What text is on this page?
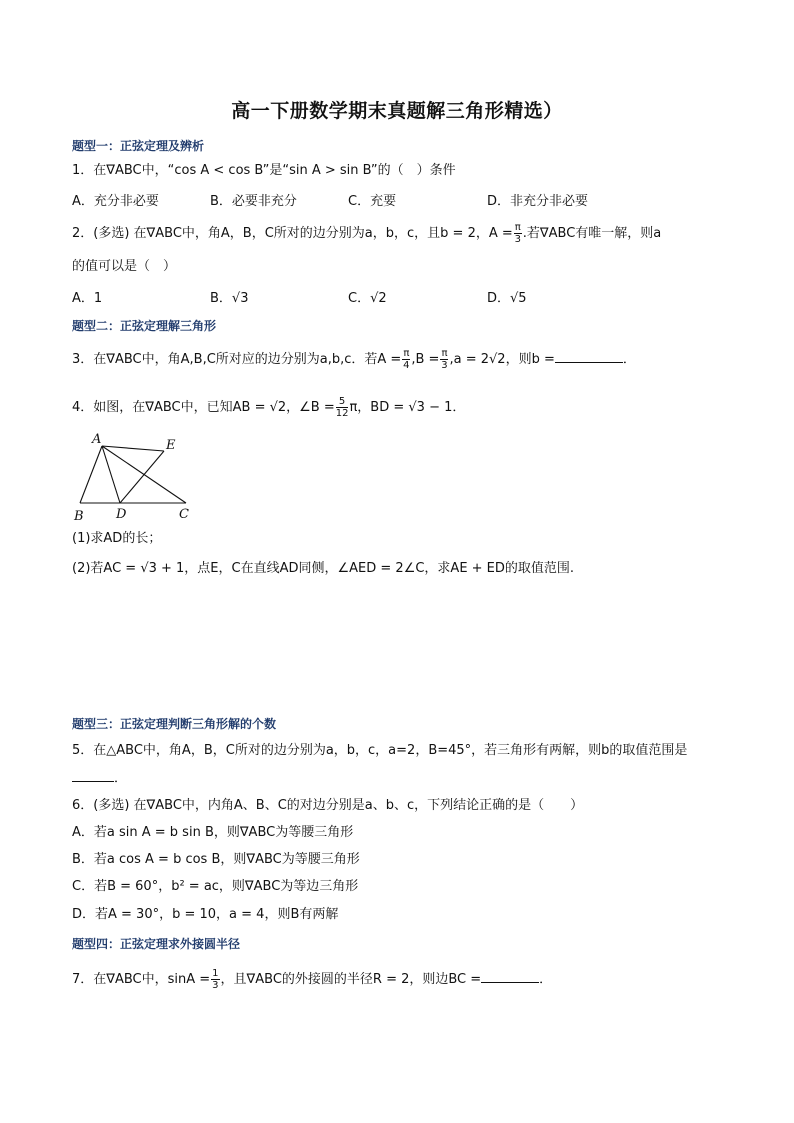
高一下册数学期末真题解三角形精选）
题型一：正弦定理及辨析
1．在∇ABC中，“cos A < cos B”是“sin A > sin B”的（　）条件
A．充分非必要	B．必要非充分	C．充要	D．非充分非必要
2．(多选) 在∇ABC中，角A，B，C所对的边分别为a，b，c，且b = 2，$A = \frac{\pi}{3}$ .若∇ABC有唯一解，则a
的值可以是（　）
A．1	B．√3	C．√2	D．√5
题型二：正弦定理解三角形
3．在∇ABC中，角A,B,C所对应的边分别为a,b,c．若$A = \frac{\pi}{4} ,B = \frac{\pi}{3} ,a = 2√2$，则b =	．
4．如图，在∇ABC中，已知AB = √2，∠B = $\frac{5}{12}$ π，BD = √3 − 1．
A	E
B D	C
(1)求AD的长；
(2)若AC = √3 + 1，点E，C在直线AD同侧，∠AED = 2∠C，求AE + ED的取值范围.
题型三：正弦定理判断三角形解的个数
5．在△ABC中，角A，B，C所对的边分别为a，b，c，a=2，B=45°，若三角形有两解，则b的取值范围是
．
6．(多选) 在∇ABC中，内角A、B、C的对边分别是a、b、c，下列结论正确的是（　　）
A．若a sin A = b sin B，则∇ABC为等腰三角形
B．若a cos A = b cos B，则∇ABC为等腰三角形
C．若B = 60°，b² = ac，则∇ABC为等边三角形
D．若A = 30°，b = 10，a = 4，则B有两解
题型四：正弦定理求外接圆半径
7．在∇ABC中，$\sin A = \frac{1}{3}$ ，且∇ABC的外接圆的半径R = 2，则边BC =	．
